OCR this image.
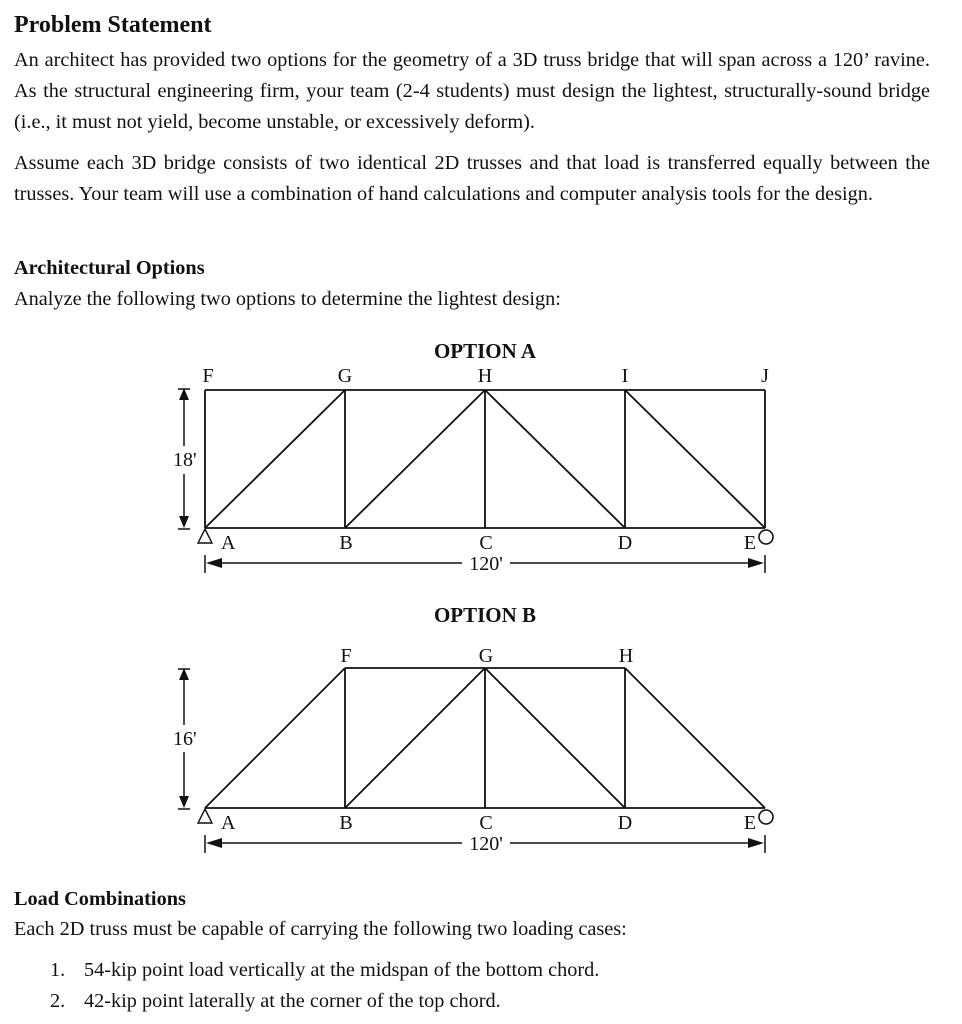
Problem Statement
An architect has provided two options for the geometry of a 3D truss bridge that will span across a 120’ ravine. As the structural engineering firm, your team (2-4 students) must design the lightest, structurally-sound bridge (i.e., it must not yield, become unstable, or excessively deform).
Assume each 3D bridge consists of two identical 2D trusses and that load is transferred equally between the trusses. Your team will use a combination of hand calculations and computer analysis tools for the design.
Architectural Options
Analyze the following two options to determine the lightest design:
OPTION A
F	G	H	I	J
A	B	C	D	E
18'
120'
OPTION B
F	G	H
A	B	C	D	E
16'
120'
Load Combinations
Each 2D truss must be capable of carrying the following two loading cases:
1. 54-kip point load vertically at the midspan of the bottom chord.
2. 42-kip point laterally at the corner of the top chord.
